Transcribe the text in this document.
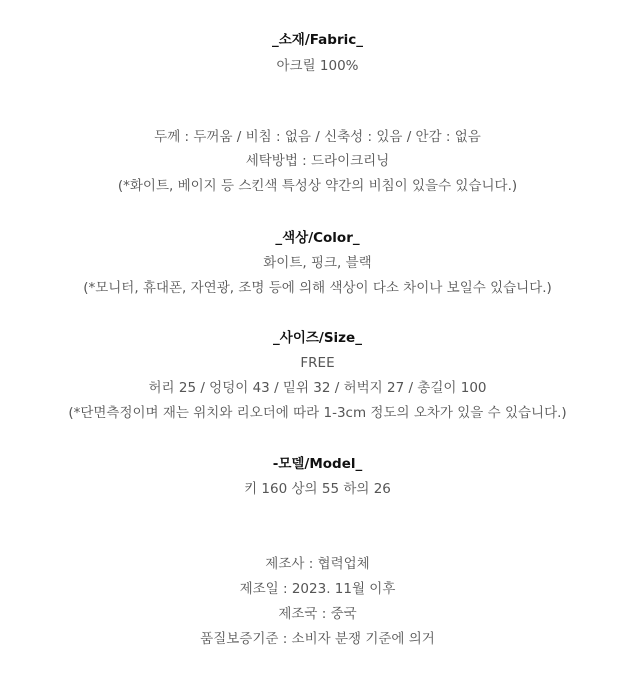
_소재/Fabric_
아크릴 100%
두께 : 두꺼움 / 비침 : 없음 / 신축성 : 있음 / 안감 : 없음
세탁방법 : 드라이크리닝
(*화이트, 베이지 등 스킨색 특성상 약간의 비침이 있을수 있습니다.)
_색상/Color_
화이트, 핑크, 블랙
(*모니터, 휴대폰, 자연광, 조명 등에 의해 색상이 다소 차이나 보일수 있습니다.)
_사이즈/Size_
FREE
허리 25 / 엉덩이 43 / 밑위 32 / 허벅지 27 / 총길이 100
(*단면측정이며 재는 위치와 리오더에 따라 1-3cm 정도의 오차가 있을 수 있습니다.)
-모델/Model_
키 160 상의 55 하의 26
제조사 : 협력업체
제조일 : 2023. 11월 이후
제조국 : 중국
품질보증기준 : 소비자 분쟁 기준에 의거
